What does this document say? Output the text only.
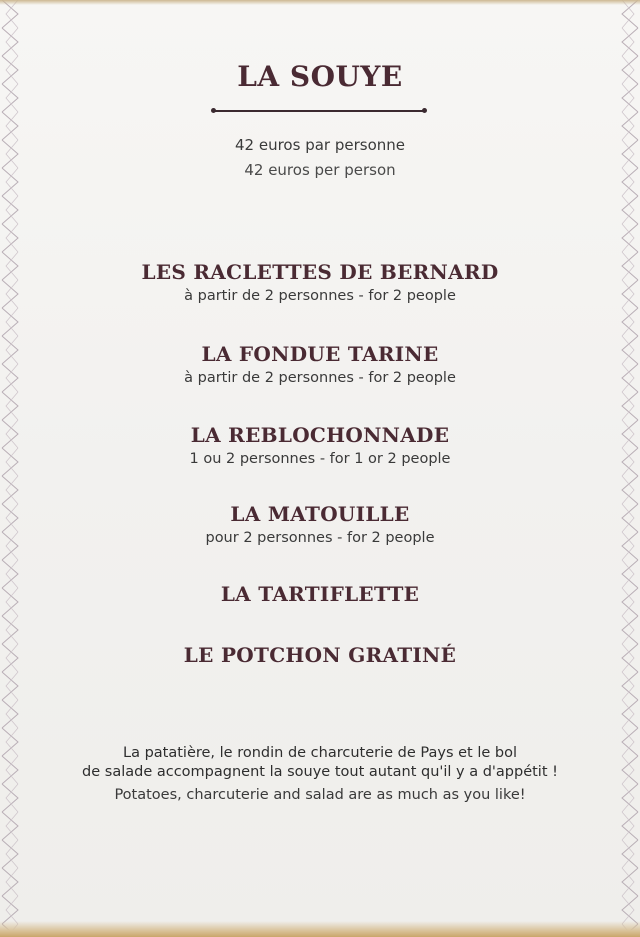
LA SOUYE
42 euros par personne
42 euros per person
LES RACLETTES DE BERNARD
à partir de 2 personnes - for 2 people
LA FONDUE TARINE
à partir de 2 personnes - for 2 people
LA REBLOCHONNADE
1 ou 2 personnes - for 1 or 2 people
LA MATOUILLE
pour 2 personnes - for 2 people
LA TARTIFLETTE
LE POTCHON GRATINÉ
La patatière, le rondin de charcuterie de Pays et le bol
de salade accompagnent la souye tout autant qu'il y a d'appétit !
Potatoes, charcuterie and salad are as much as you like!
